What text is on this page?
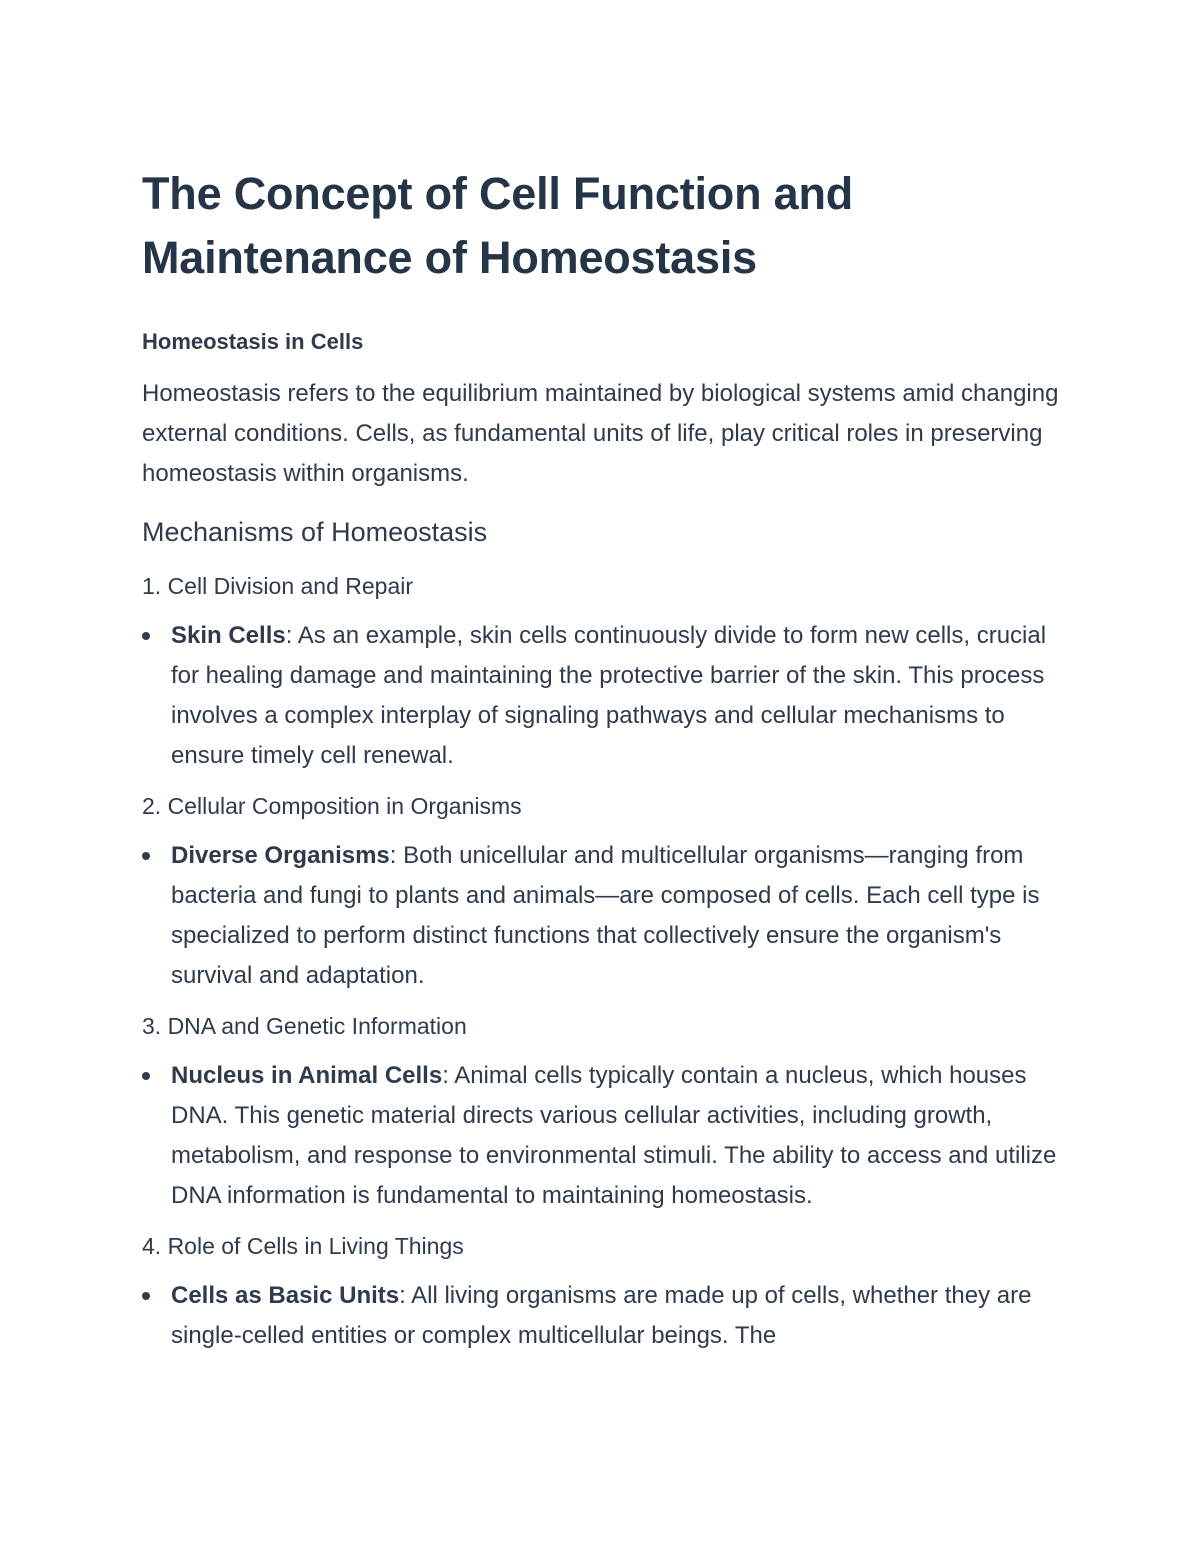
The Concept of Cell Function and
Maintenance of Homeostasis
Homeostasis in Cells

Homeostasis refers to the equilibrium maintained by biological systems amid changing external conditions. Cells, as fundamental units of life, play critical roles in preserving homeostasis within organisms.

Mechanisms of Homeostasis
1. Cell Division and Repair
Skin Cells: As an example, skin cells continuously divide to form new cells, crucial for healing damage and maintaining the protective barrier of the skin. This process involves a complex interplay of signaling pathways and cellular mechanisms to ensure timely cell renewal.
2. Cellular Composition in Organisms
Diverse Organisms: Both unicellular and multicellular organisms—ranging from bacteria and fungi to plants and animals—are composed of cells. Each cell type is specialized to perform distinct functions that collectively ensure the organism's survival and adaptation.
3. DNA and Genetic Information
Nucleus in Animal Cells: Animal cells typically contain a nucleus, which houses DNA. This genetic material directs various cellular activities, including growth, metabolism, and response to environmental stimuli. The ability to access and utilize DNA information is fundamental to maintaining homeostasis.
4. Role of Cells in Living Things
Cells as Basic Units: All living organisms are made up of cells, whether they are single-celled entities or complex multicellular beings. The
